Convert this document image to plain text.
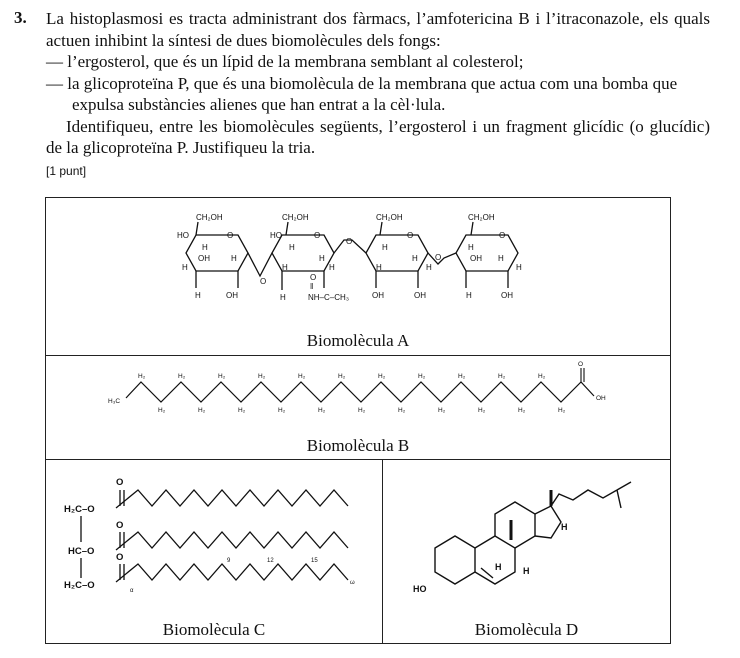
3. La histoplasmosi es tracta administrant dos fàrmacs, l’amfotericina B i l’itraconazole, els quals actuen inhibint la síntesi de dues biomolècules dels fongs:

— l’ergosterol, que és un lípid de la membrana semblant al colesterol;

— la glicoproteïna P, que és una biomolècula de la membrana que actua com una bomba que expulsa substàncies alienes que han entrat a la cèl·lula.

Identifiqueu, entre les biomolècules següents, l’ergosterol i un fragment glicídic (o glucídic) de la glicoproteïna P. Justifiqueu la tria.

[1 punt]

CH₂OH	CH₂OH	CH₂OH	CH₂OH
HO	O	HO	O
O
O	O
H
OH	H
H
H
H
H	H
H
H
H	H
O
H
OH H
H
O
H	OH	H
O
‖
NH–C–CH₃	OH	OH	H	OH
Biomolècula A
H₃C
H₂	H₂	H₂	H₂	H₂	H₂	H₂	H₂	H₂	H₂	H₂
H₂	H₂	H₂	H₂	H₂	H₂	H₂	H₂	H₂	H₂	H₂
O
OH
Biomolècula B
H₂C–O
HC–O
H₂C–O
O
O
O	9	12	15
α
ω
Biomolècula C
HO
H
H H
Biomolècula D
